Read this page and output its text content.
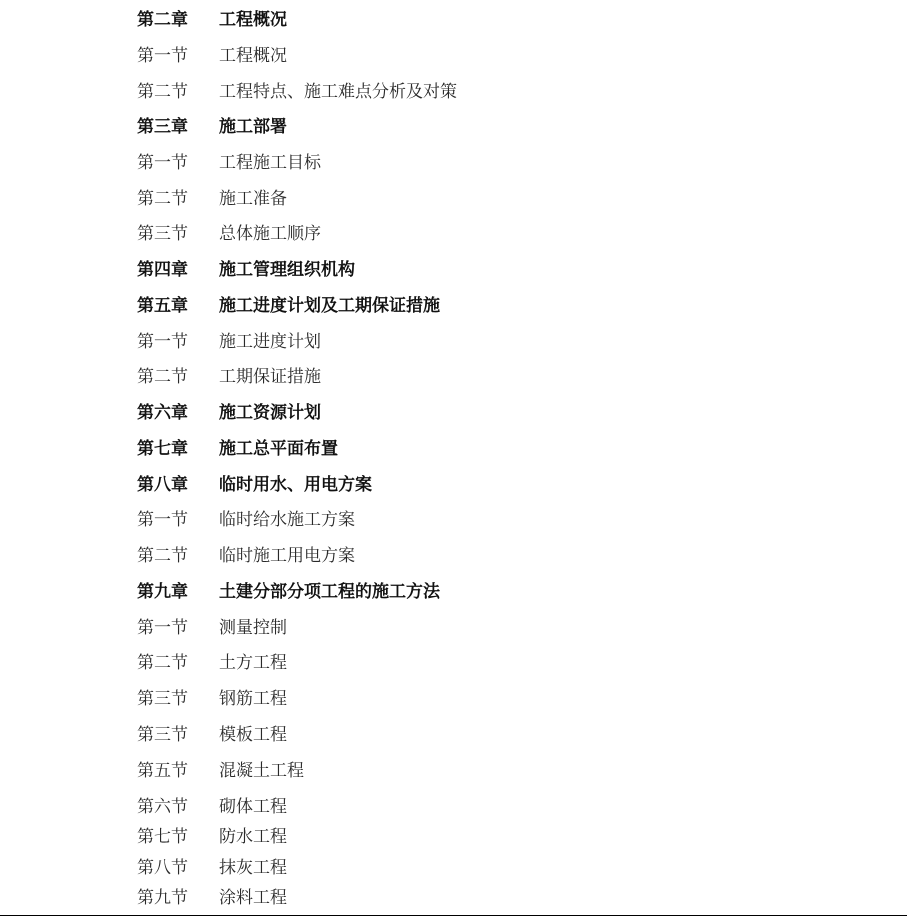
第二章 工程概况
第一节 工程概况
第二节 工程特点、施工难点分析及对策
第三章 施工部署
第一节 工程施工目标
第二节 施工准备
第三节 总体施工顺序
第四章 施工管理组织机构
第五章 施工进度计划及工期保证措施
第一节 施工进度计划
第二节 工期保证措施
第六章 施工资源计划
第七章 施工总平面布置
第八章 临时用水、用电方案
第一节 临时给水施工方案
第二节 临时施工用电方案
第九章 土建分部分项工程的施工方法
第一节 测量控制
第二节 土方工程
第三节 钢筋工程
第三节 模板工程
第五节 混凝土工程
第六节 砌体工程
第七节 防水工程
第八节 抹灰工程
第九节 涂料工程
